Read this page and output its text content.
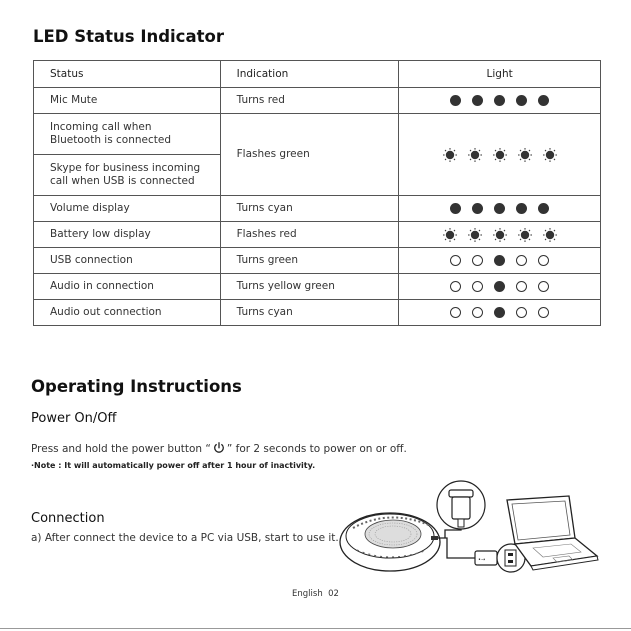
LED Status Indicator
Status	Indication	Light
Mic Mute	Turns red	

Incoming call when
Bluetooth is connected	Flashes green	

Skype for business incoming
call when USB is connected		
Volume display	Turns cyan	

Battery low display	Flashes red	

USB connection	Turns green	

Audio in connection	Turns yellow green	

Audio out connection	Turns cyan	
Operating Instructions
Power On/Off
Press and hold the power button “ ” for 2 seconds to power on or off.
·Note : It will automatically power off after 1 hour of inactivity.
Connection
a) After connect the device to a PC via USB, start to use it.
•→
English 02
